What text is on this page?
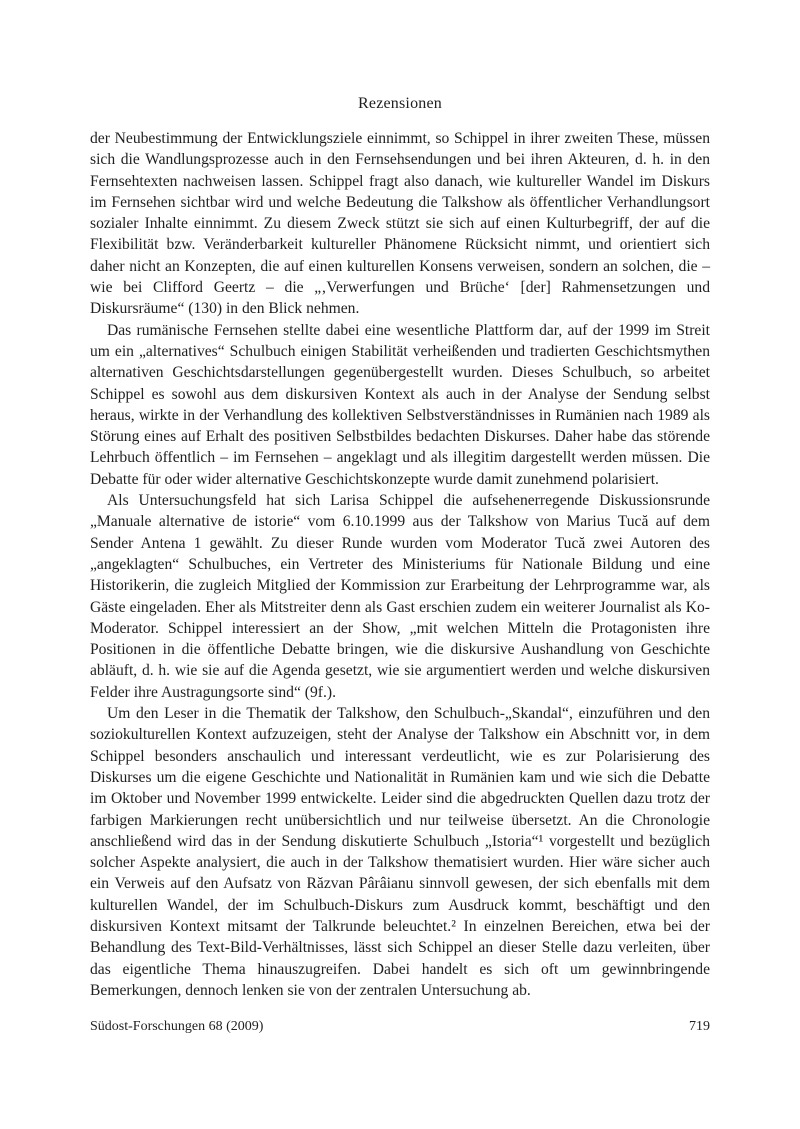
Rezensionen

der Neubestimmung der Entwicklungsziele einnimmt, so Schippel in ihrer zweiten These, müssen sich die Wandlungsprozesse auch in den Fernsehsendungen und bei ihren Akteuren, d. h. in den Fernsehtexten nachweisen lassen. Schippel fragt also danach, wie kultureller Wandel im Diskurs im Fernsehen sichtbar wird und welche Bedeutung die Talkshow als öffentlicher Verhandlungsort sozialer Inhalte einnimmt. Zu diesem Zweck stützt sie sich auf einen Kulturbegriff, der auf die Flexibilität bzw. Veränderbarkeit kultureller Phänomene Rücksicht nimmt, und orientiert sich daher nicht an Konzepten, die auf einen kulturellen Konsens verweisen, sondern an solchen, die – wie bei Clifford Geertz – die „‚Verwerfungen und Brüche‘ [der] Rahmensetzungen und Diskursräume“ (130) in den Blick nehmen.

Das rumänische Fernsehen stellte dabei eine wesentliche Plattform dar, auf der 1999 im Streit um ein „alternatives“ Schulbuch einigen Stabilität verheißenden und tradierten Geschichtsmythen alternativen Geschichtsdarstellungen gegenübergestellt wurden. Dieses Schulbuch, so arbeitet Schippel es sowohl aus dem diskursiven Kontext als auch in der Analyse der Sendung selbst heraus, wirkte in der Verhandlung des kollektiven Selbstverständnisses in Rumänien nach 1989 als Störung eines auf Erhalt des positiven Selbstbildes bedachten Diskurses. Daher habe das störende Lehrbuch öffentlich – im Fernsehen – angeklagt und als illegitim dargestellt werden müssen. Die Debatte für oder wider alternative Geschichtskonzepte wurde damit zunehmend polarisiert.

Als Untersuchungsfeld hat sich Larisa Schippel die aufsehenerregende Diskussionsrunde „Manuale alternative de istorie“ vom 6.10.1999 aus der Talkshow von Marius Tucă auf dem Sender Antena 1 gewählt. Zu dieser Runde wurden vom Moderator Tucă zwei Autoren des „angeklagten“ Schulbuches, ein Vertreter des Ministeriums für Nationale Bildung und eine Historikerin, die zugleich Mitglied der Kommission zur Erarbeitung der Lehrprogramme war, als Gäste eingeladen. Eher als Mitstreiter denn als Gast erschien zudem ein weiterer Journalist als Ko-Moderator. Schippel interessiert an der Show, „mit welchen Mitteln die Protagonisten ihre Positionen in die öffentliche Debatte bringen, wie die diskursive Aushandlung von Geschichte abläuft, d. h. wie sie auf die Agenda gesetzt, wie sie argumentiert werden und welche diskursiven Felder ihre Austragungsorte sind“ (9f.).

Um den Leser in die Thematik der Talkshow, den Schulbuch-„Skandal“, einzuführen und den soziokulturellen Kontext aufzuzeigen, steht der Analyse der Talkshow ein Abschnitt vor, in dem Schippel besonders anschaulich und interessant verdeutlicht, wie es zur Polarisierung des Diskurses um die eigene Geschichte und Nationalität in Rumänien kam und wie sich die Debatte im Oktober und November 1999 entwickelte. Leider sind die abgedruckten Quellen dazu trotz der farbigen Markierungen recht unübersichtlich und nur teilweise übersetzt. An die Chronologie anschließend wird das in der Sendung diskutierte Schulbuch „Istoria“¹ vorgestellt und bezüglich solcher Aspekte analysiert, die auch in der Talkshow thematisiert wurden. Hier wäre sicher auch ein Verweis auf den Aufsatz von Răzvan Pârâianu sinnvoll gewesen, der sich ebenfalls mit dem kulturellen Wandel, der im Schulbuch-Diskurs zum Ausdruck kommt, beschäftigt und den diskursiven Kontext mitsamt der Talkrunde beleuchtet.² In einzelnen Bereichen, etwa bei der Behandlung des Text-Bild-Verhältnisses, lässt sich Schippel an dieser Stelle dazu verleiten, über das eigentliche Thema hinauszugreifen. Dabei handelt es sich oft um gewinnbringende Bemerkungen, dennoch lenken sie von der zentralen Untersuchung ab.

Südost-Forschungen 68 (2009)	719
